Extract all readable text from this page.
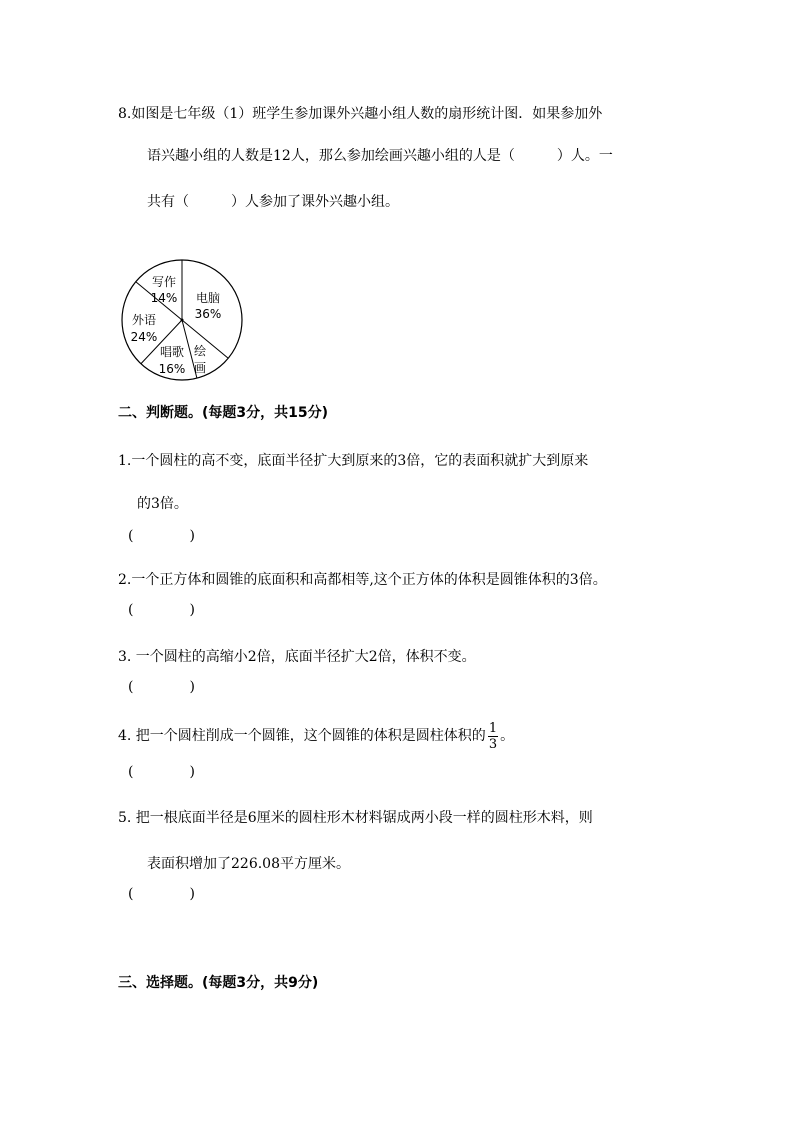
8.如图是七年级（1）班学生参加课外兴趣小组人数的扇形统计图．如果参加外
语兴趣小组的人数是12人，那么参加绘画兴趣小组的人是（　　　）人。一
共有（　　　）人参加了课外兴趣小组。
写作
14% 电脑
36%
外语
24%
唱歌
16%
绘
画
二、判断题。(每题3分，共15分)
1.一个圆柱的高不变，底面半径扩大到原来的3倍，它的表面积就扩大到原来
的3倍。
(　　　　)
2.一个正方体和圆锥的底面积和高都相等,这个正方体的体积是圆锥体积的3倍。
(　　　　)
3. 一个圆柱的高缩小2倍，底面半径扩大2倍，体积不变。
(　　　　)
4. 把一个圆柱削成一个圆锥，这个圆锥的体积是圆柱体积的 $\frac{1}{3}$ 。
(　　　　)
5. 把一根底面半径是6厘米的圆柱形木材料锯成两小段一样的圆柱形木料，则
表面积增加了226.08平方厘米。
(　　　　)
三、选择题。(每题3分，共9分)
